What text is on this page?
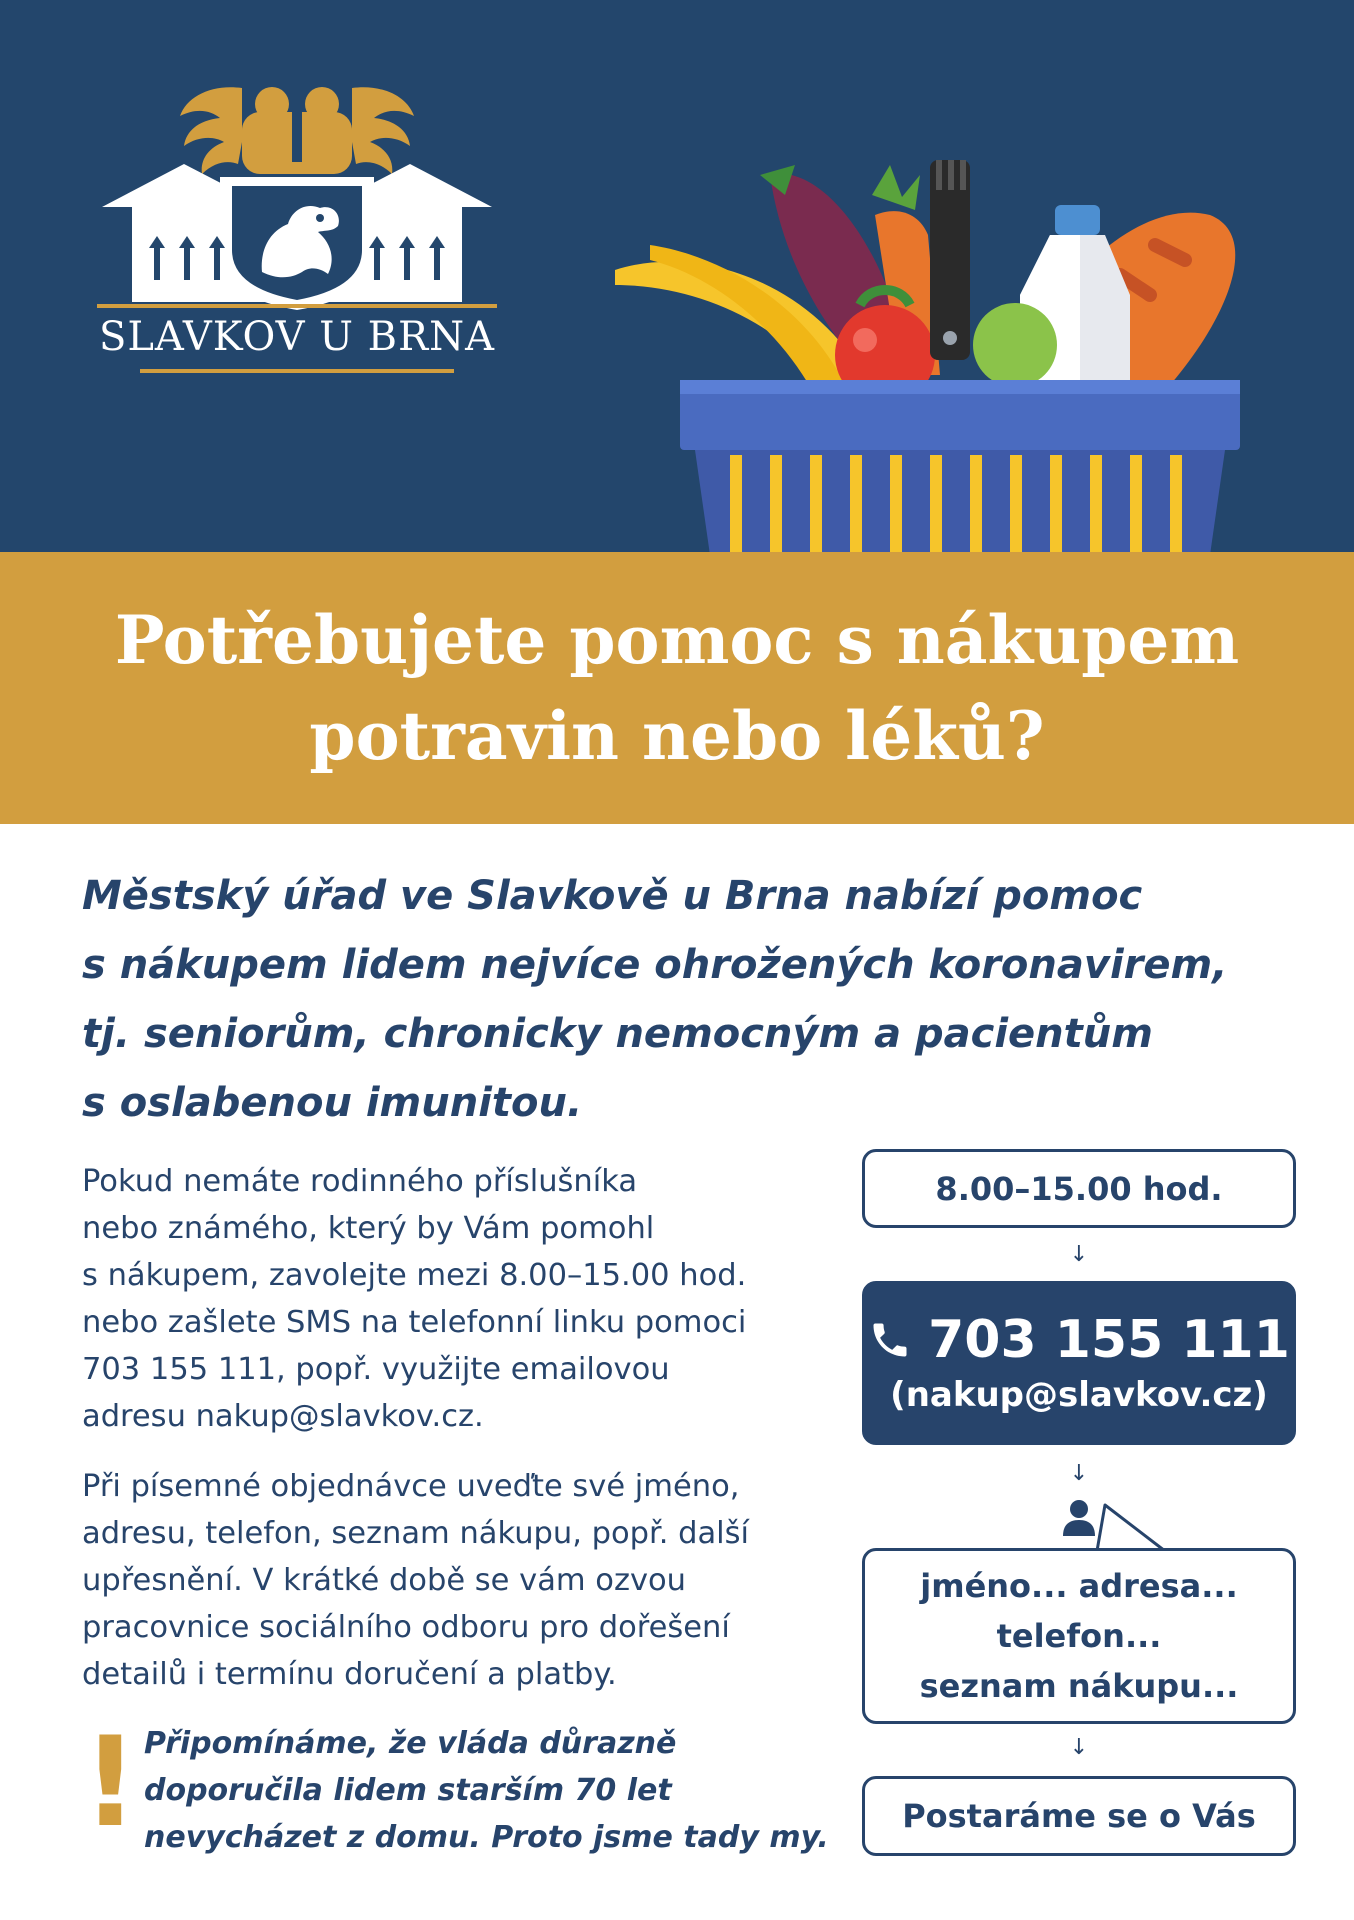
SLAVKOV U BRNA
Potřebujete pomoc s nákupem
potravin nebo léků?
Městský úřad ve Slavkově u Brna nabízí pomoc
s nákupem lidem nejvíce ohrožených koronavirem,
tj. seniorům, chronicky nemocným a pacientům
s oslabenou imunitou.
Pokud nemáte rodinného příslušníka
nebo známého, který by Vám pomohl
s nákupem, zavolejte mezi 8.00–15.00 hod.
nebo zašlete SMS na telefonní linku pomoci
703 155 111, popř. využijte emailovou
adresu nakup@slavkov.cz.
Při písemné objednávce uveďte své jméno,
adresu, telefon, seznam nákupu, popř. další
upřesnění. V krátké době se vám ozvou
pracovnice sociálního odboru pro dořešení
detailů i termínu doručení a platby.
! Připomínáme, že vláda důrazně
doporučila lidem starším 70 let
nevycházet z domu. Proto jsme tady my.
8.00–15.00 hod.
↓
703 155 111
(nakup@slavkov.cz)
↓
jméno... adresa...
telefon...
seznam nákupu...
↓
Postaráme se o Vás
